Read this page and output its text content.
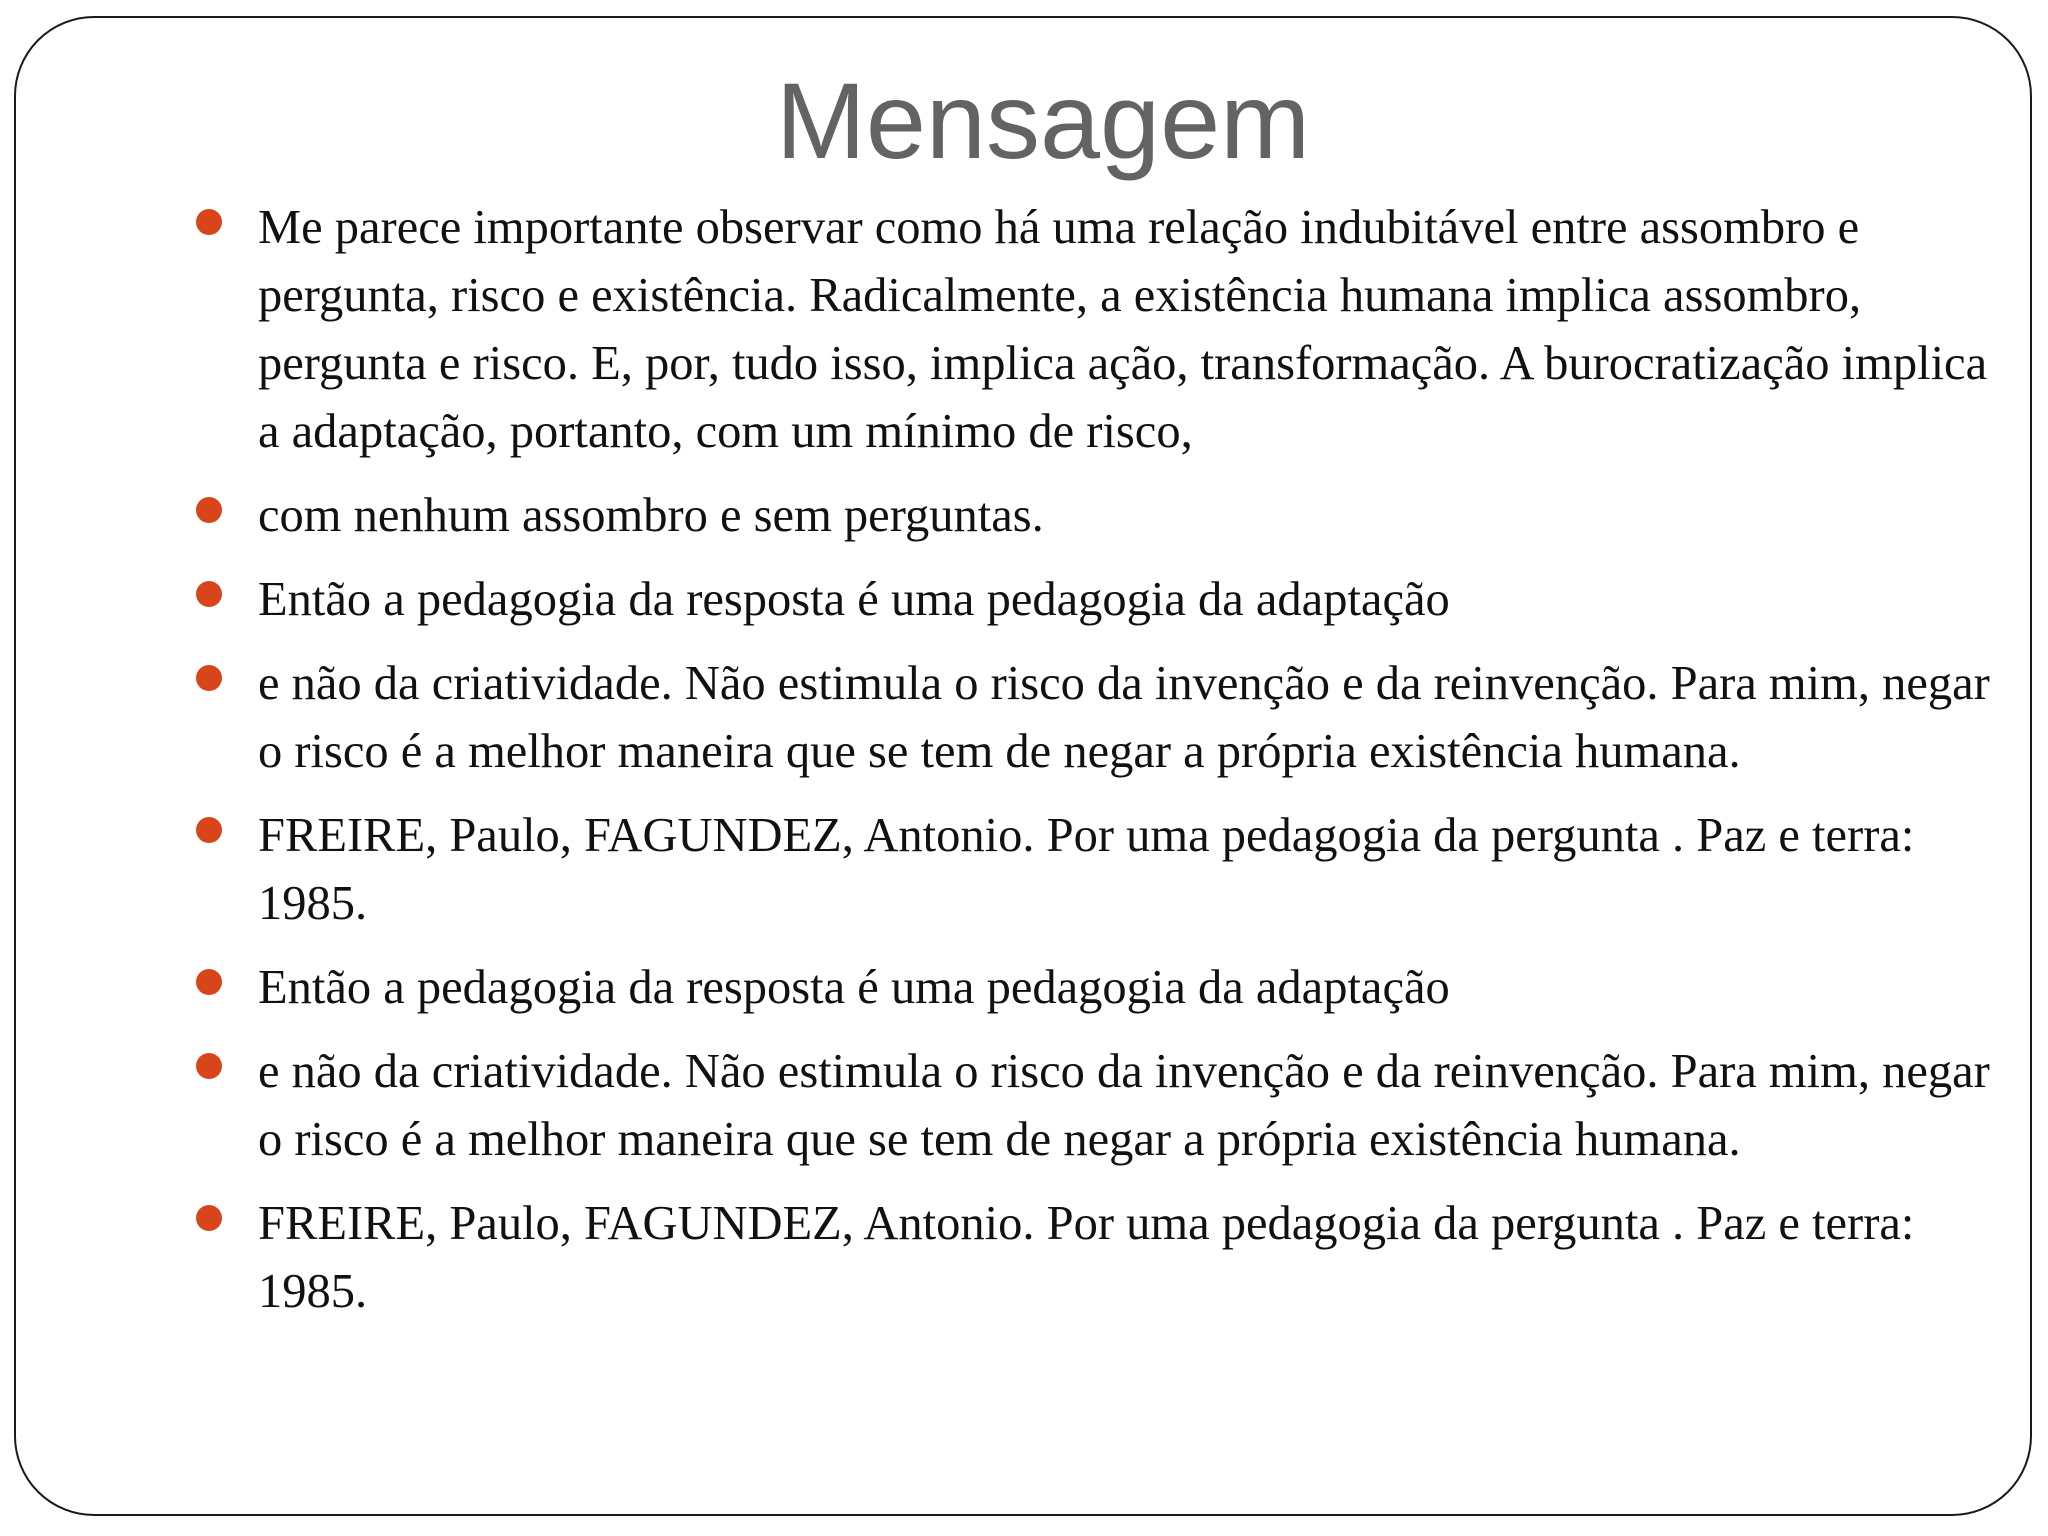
Mensagem
Me parece importante observar como há uma relação indubitável entre assombro e pergunta, risco e existência. Radicalmente, a existência humana implica assombro, pergunta e risco. E, por, tudo isso, implica ação, transformação. A burocratização implica a adaptação, portanto, com um mínimo de risco,
com nenhum assombro e sem perguntas.
Então a pedagogia da resposta é uma pedagogia da adaptação
e não da criatividade. Não estimula o risco da invenção e da reinvenção. Para mim, negar o risco é a melhor maneira que se tem de negar a própria existência humana.
FREIRE, Paulo, FAGUNDEZ, Antonio. Por uma pedagogia da pergunta . Paz e terra: 1985.
Então a pedagogia da resposta é uma pedagogia da adaptação
e não da criatividade. Não estimula o risco da invenção e da reinvenção. Para mim, negar o risco é a melhor maneira que se tem de negar a própria existência humana.
FREIRE, Paulo, FAGUNDEZ, Antonio. Por uma pedagogia da pergunta . Paz e terra: 1985.
